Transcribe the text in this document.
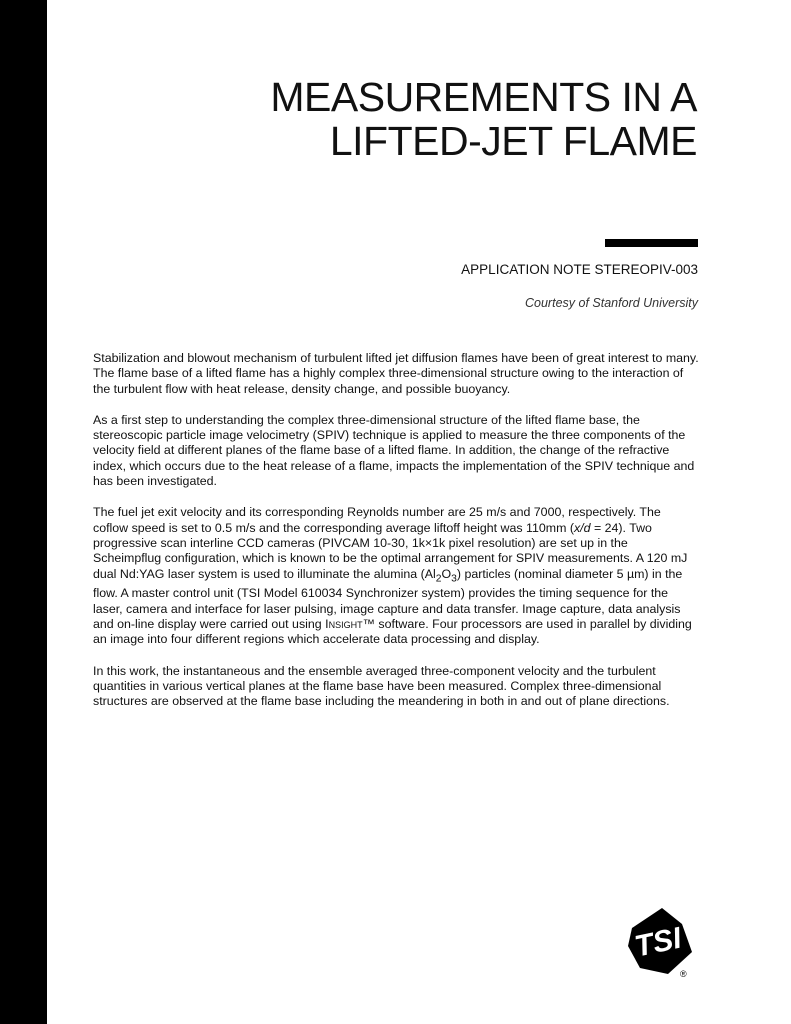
MEASUREMENTS IN A
LIFTED-JET FLAME
APPLICATION NOTE STEREOPIV-003
Courtesy of Stanford University

Stabilization and blowout mechanism of turbulent lifted jet diffusion flames have been of great interest to many. The flame base of a lifted flame has a highly complex three-dimensional structure owing to the interaction of the turbulent flow with heat release, density change, and possible buoyancy.

As a first step to understanding the complex three-dimensional structure of the lifted flame base, the stereoscopic particle image velocimetry (SPIV) technique is applied to measure the three components of the velocity field at different planes of the flame base of a lifted flame. In addition, the change of the refractive index, which occurs due to the heat release of a flame, impacts the implementation of the SPIV technique and has been investigated.

The fuel jet exit velocity and its corresponding Reynolds number are 25 m/s and 7000, respectively. The coflow speed is set to 0.5 m/s and the corresponding average liftoff height was 110mm (x/d = 24). Two progressive scan interline CCD cameras (PIVCAM 10-30, 1k×1k pixel resolution) are set up in the Scheimpflug configuration, which is known to be the optimal arrangement for SPIV measurements. A 120 mJ dual Nd:YAG laser system is used to illuminate the alumina $(Al_2O_3)$ particles (nominal diameter 5 µm) in the flow. A master control unit (TSI Model 610034 Synchronizer system) provides the timing sequence for the laser, camera and interface for laser pulsing, image capture and data transfer. Image capture, data analysis and on-line display were carried out using Insight™ software. Four processors are used in parallel by dividing an image into four different regions which accelerate data processing and display.

In this work, the instantaneous and the ensemble averaged three-component velocity and the turbulent quantities in various vertical planes at the flame base have been measured. Complex three-dimensional structures are observed at the flame base including the meandering in both in and out of plane directions.

TSI
®
